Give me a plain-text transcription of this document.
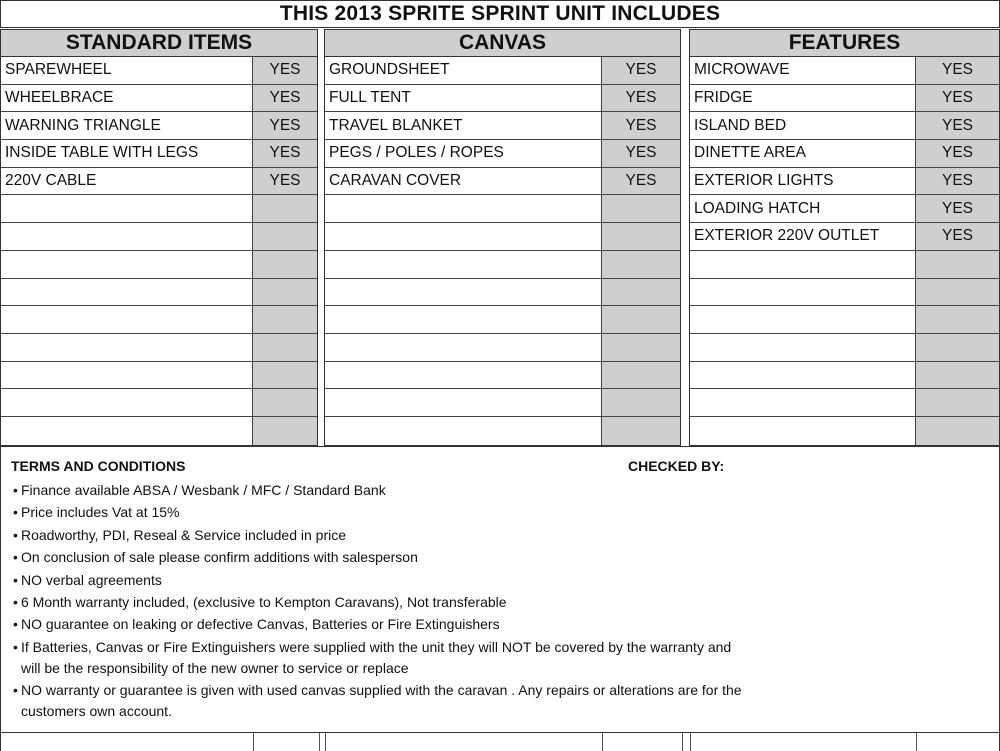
THIS 2013 SPRITE SPRINT UNIT INCLUDES
STANDARD ITEMS
SPAREWHEEL	YES
WHEELBRACE	YES
WARNING TRIANGLE	YES
INSIDE TABLE WITH LEGS	YES
220V CABLE	YES
CANVAS
GROUNDSHEET	YES
FULL TENT	YES
TRAVEL BLANKET	YES
PEGS / POLES / ROPES	YES
CARAVAN COVER	YES
FEATURES
MICROWAVE	YES
FRIDGE	YES
ISLAND BED	YES
DINETTE AREA	YES
EXTERIOR LIGHTS	YES
LOADING HATCH	YES
EXTERIOR 220V OUTLET	YES
TERMS AND CONDITIONS	CHECKED BY:
• Finance available ABSA / Wesbank / MFC / Standard Bank
• Price includes Vat at 15%
• Roadworthy, PDI, Reseal & Service included in price
• On conclusion of sale please confirm additions with salesperson
• NO verbal agreements
• 6 Month warranty included, (exclusive to Kempton Caravans), Not transferable
• NO guarantee on leaking or defective Canvas, Batteries or Fire Extinguishers
• If Batteries, Canvas or Fire Extinguishers were supplied with the unit they will NOT be covered by the warranty and will be the responsibility of the new owner to service or replace
• NO warranty or guarantee is given with used canvas supplied with the caravan . Any repairs or alterations are for the customers own account.
